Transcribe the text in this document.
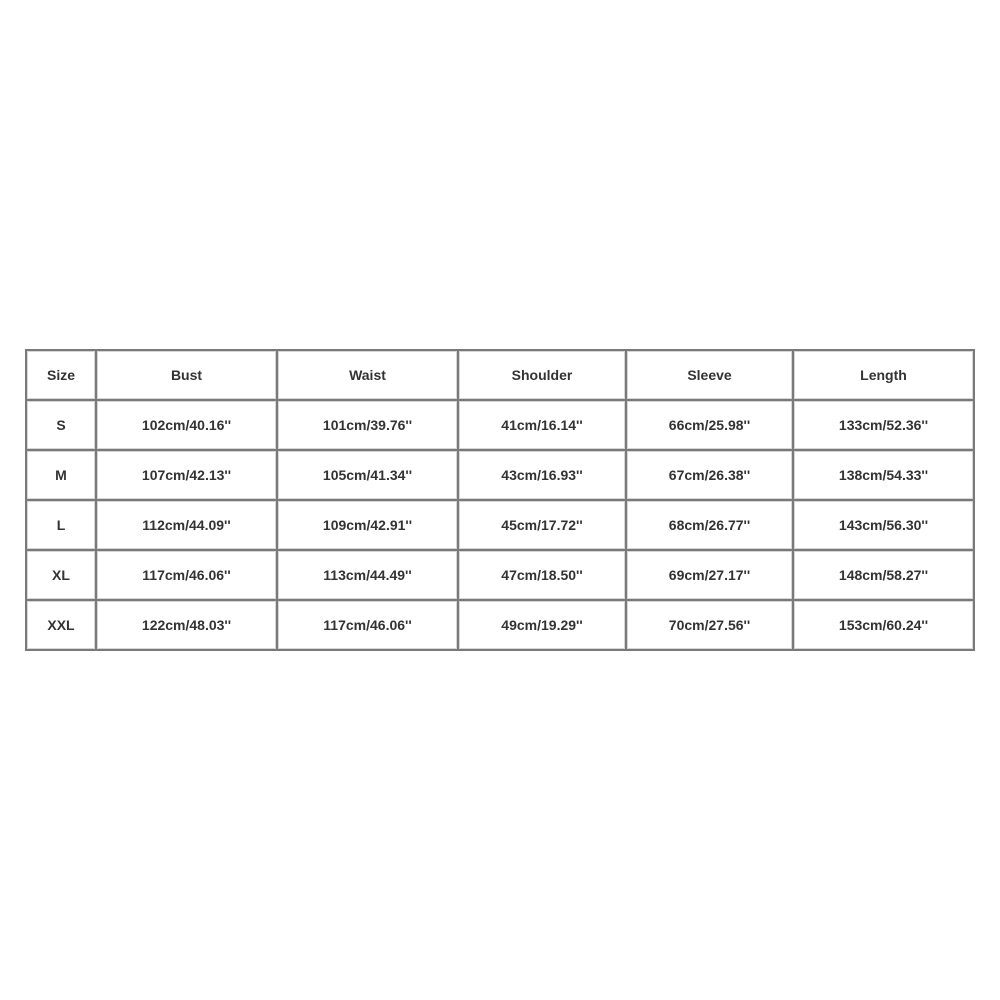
Size	Bust	Waist	Shoulder	Sleeve	Length
S	102cm/40.16''	101cm/39.76''	41cm/16.14''	66cm/25.98''	133cm/52.36''
M	107cm/42.13''	105cm/41.34''	43cm/16.93''	67cm/26.38''	138cm/54.33''
L	112cm/44.09''	109cm/42.91''	45cm/17.72''	68cm/26.77''	143cm/56.30''
XL	117cm/46.06''	113cm/44.49''	47cm/18.50''	69cm/27.17''	148cm/58.27''
XXL	122cm/48.03''	117cm/46.06''	49cm/19.29''	70cm/27.56''	153cm/60.24''
